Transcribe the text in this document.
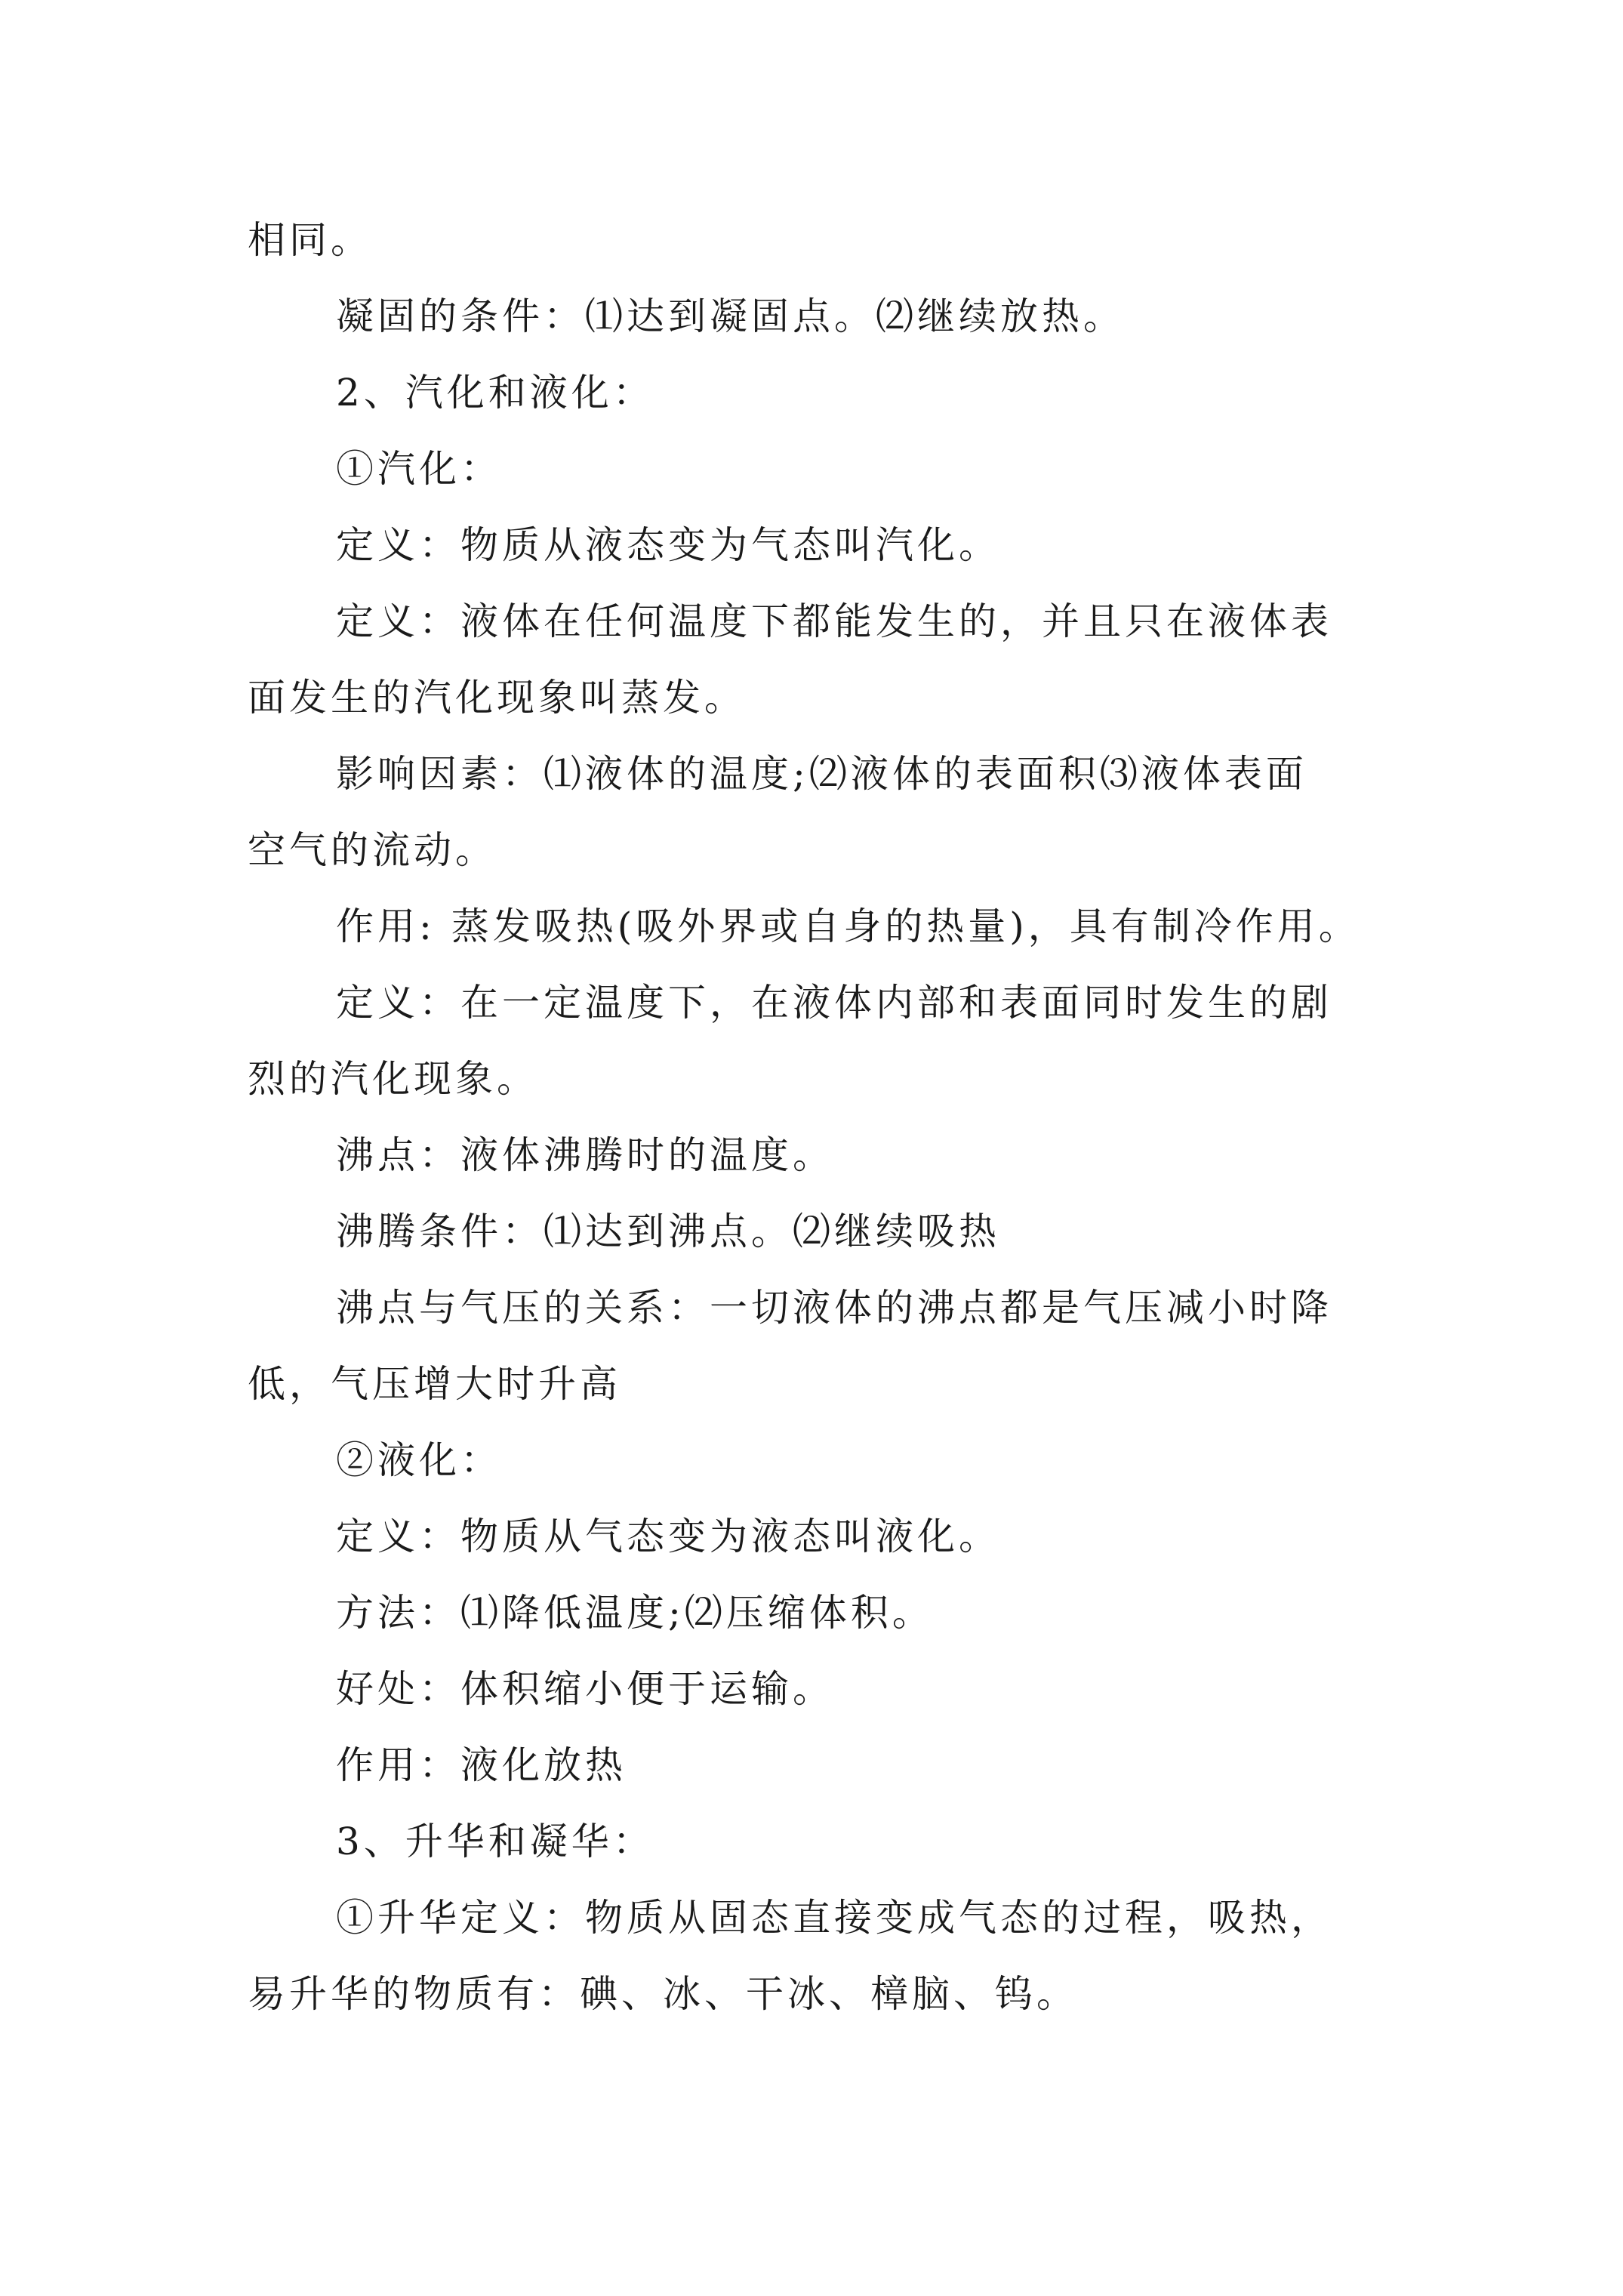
相同。
凝固的条件：⑴达到凝固点。⑵继续放热。
2、汽化和液化：
①汽化：
定义：物质从液态变为气态叫汽化。
定义：液体在任何温度下都能发生的，并且只在液体表
面发生的汽化现象叫蒸发。
影响因素：⑴液体的温度;⑵液体的表面积⑶液体表面
空气的流动。
作用: 蒸发吸热(吸外界或自身的热量)，具有制冷作用。
定义：在一定温度下，在液体内部和表面同时发生的剧
烈的汽化现象。
沸点：液体沸腾时的温度。
沸腾条件：⑴达到沸点。⑵继续吸热
沸点与气压的关系：一切液体的沸点都是气压减小时降
低，气压增大时升高
②液化：
定义：物质从气态变为液态叫液化。
方法：⑴降低温度;⑵压缩体积。
好处：体积缩小便于运输。
作用：液化放热
3、升华和凝华：
①升华定义：物质从固态直接变成气态的过程，吸热，
易升华的物质有：碘、冰、干冰、樟脑、钨。
